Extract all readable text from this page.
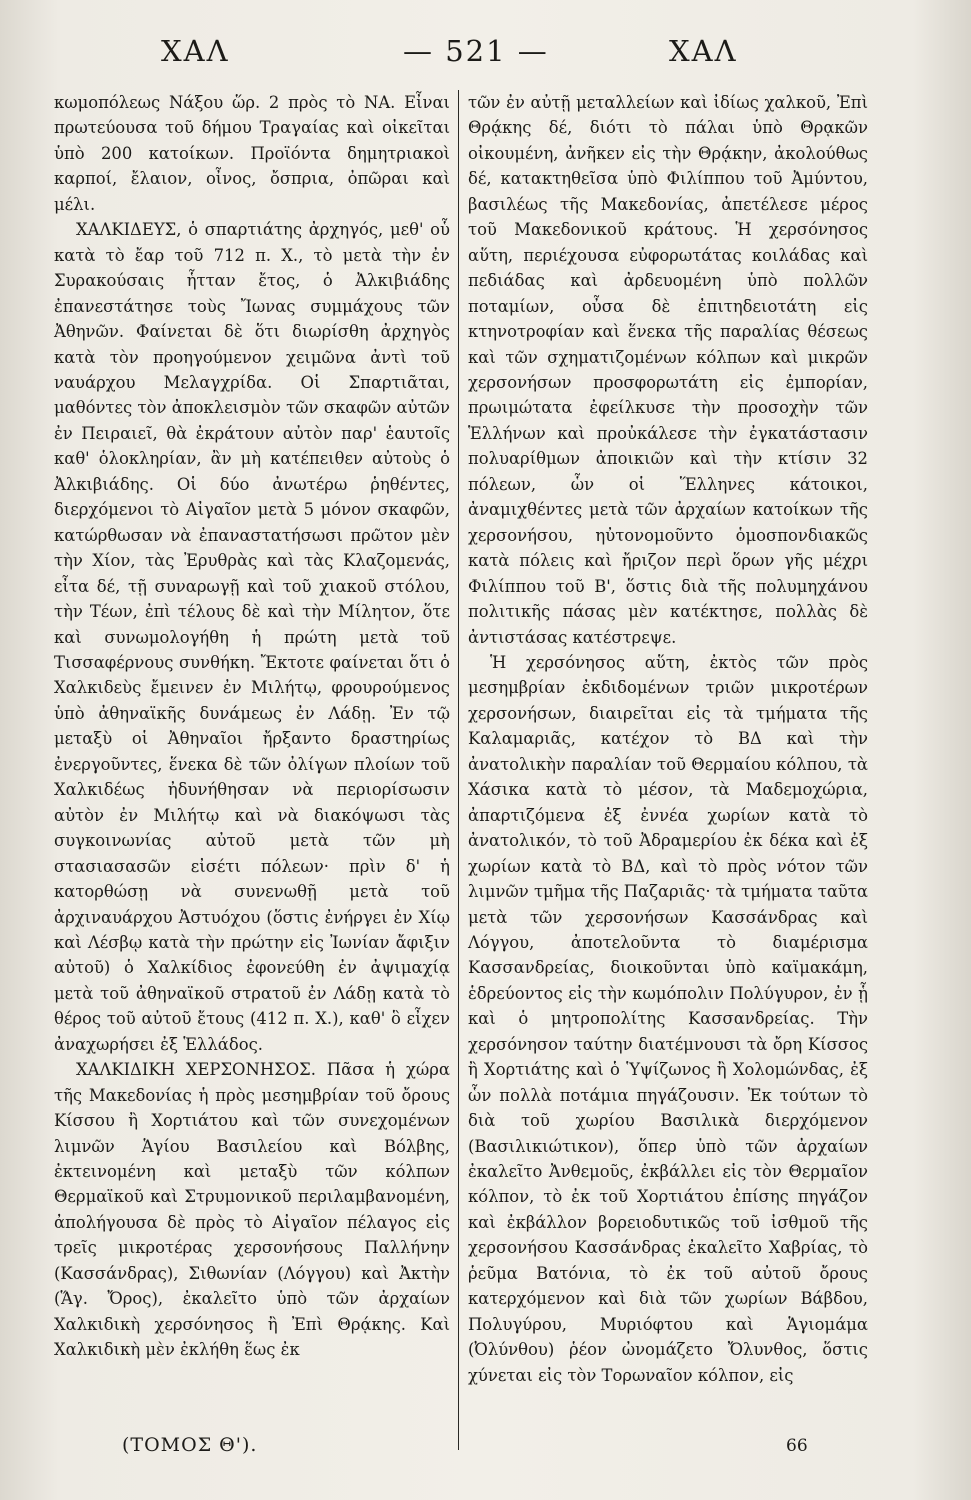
ΧΑΛ	— 521 —	ΧΑΛ

κωμοπόλεως Νάξου ὥρ. 2 πρὸς τὸ ΝΑ. Εἶναι πρωτεύουσα τοῦ δήμου Τραγαίας καὶ οἰκεῖται ὑπὸ 200 κατοίκων. Προϊόντα δημητριακοὶ καρποί, ἔλαιον, οἶνος, ὄσπρια, ὀπῶραι καὶ μέλι.

ΧΑΛΚΙΔΕΥΣ, ὁ σπαρτιάτης ἀρχηγός, μεθ' οὗ κατὰ τὸ ἔαρ τοῦ 712 π. Χ., τὸ μετὰ τὴν ἐν Συρακούσαις ἧτταν ἔτος, ὁ Ἀλκιβιάδης ἐπανεστάτησε τοὺς Ἴωνας συμμάχους τῶν Ἀθηνῶν. Φαίνεται δὲ ὅτι διωρίσθη ἀρχηγὸς κατὰ τὸν προηγούμενον χειμῶνα ἀντὶ τοῦ ναυάρχου Μελαγχρίδα. Οἱ Σπαρτιᾶται, μαθόντες τὸν ἀποκλεισμὸν τῶν σκαφῶν αὐτῶν ἐν Πειραιεῖ, θὰ ἐκράτουν αὐτὸν παρ' ἑαυτοῖς καθ' ὁλοκληρίαν, ἂν μὴ κατέπειθεν αὐτοὺς ὁ Ἀλκιβιάδης. Οἱ δύο ἀνωτέρω ῥηθέντες, διερχόμενοι τὸ Αἰγαῖον μετὰ 5 μόνον σκαφῶν, κατώρθωσαν νὰ ἐπαναστατήσωσι πρῶτον μὲν τὴν Χίον, τὰς Ἐρυθρὰς καὶ τὰς Κλαζομενάς, εἶτα δέ, τῇ συναρωγῇ καὶ τοῦ χιακοῦ στόλου, τὴν Τέων, ἐπὶ τέλους δὲ καὶ τὴν Μίλητον, ὅτε καὶ συνωμολογήθη ἡ πρώτη μετὰ τοῦ Τισσαφέρνους συνθήκη. Ἔκτοτε φαίνεται ὅτι ὁ Χαλκιδεὺς ἔμεινεν ἐν Μιλήτῳ, φρουρούμενος ὑπὸ ἀθηναϊκῆς δυνάμεως ἐν Λάδῃ. Ἐν τῷ μεταξὺ οἱ Ἀθηναῖοι ἤρξαντο δραστηρίως ἐνεργοῦντες, ἕνεκα δὲ τῶν ὀλίγων πλοίων τοῦ Χαλκιδέως ἠδυνήθησαν νὰ περιορίσωσιν αὐτὸν ἐν Μιλήτῳ καὶ νὰ διακόψωσι τὰς συγκοινωνίας αὐτοῦ μετὰ τῶν μὴ στασιασασῶν εἰσέτι πόλεων· πρὶν δ' ἡ κατορθώσῃ νὰ συνενωθῇ μετὰ τοῦ ἀρχιναυάρχου Ἀστυόχου (ὅστις ἐνήργει ἐν Χίῳ καὶ Λέσβῳ κατὰ τὴν πρώτην εἰς Ἰωνίαν ἄφιξιν αὐτοῦ) ὁ Χαλκίδιος ἐφονεύθη ἐν ἀψιμαχίᾳ μετὰ τοῦ ἀθηναϊκοῦ στρατοῦ ἐν Λάδῃ κατὰ τὸ θέρος τοῦ αὐτοῦ ἔτους (412 π. Χ.), καθ' ὃ εἶχεν ἀναχωρήσει ἐξ Ἑλλάδος.

ΧΑΛΚΙΔΙΚΗ ΧΕΡΣΟΝΗΣΟΣ. Πᾶσα ἡ χώρα τῆς Μακεδονίας ἡ πρὸς μεσημβρίαν τοῦ ὄρους Κίσσου ἢ Χορτιάτου καὶ τῶν συνεχομένων λιμνῶν Ἁγίου Βασιλείου καὶ Βόλβης, ἐκτεινομένη καὶ μεταξὺ τῶν κόλπων Θερμαϊκοῦ καὶ Στρυμονικοῦ περιλαμβανομένη, ἀπολήγουσα δὲ πρὸς τὸ Αἰγαῖον πέλαγος εἰς τρεῖς μικροτέρας χερσονήσους Παλλήνην (Κασσάνδρας), Σιθωνίαν (Λόγγου) καὶ Ἀκτὴν (Ἅγ. Ὄρος), ἐκαλεῖτο ὑπὸ τῶν ἀρχαίων Χαλκιδικὴ χερσόνησος ἢ Ἐπὶ Θρᾴκης. Καὶ Χαλκιδικὴ μὲν ἐκλήθη ἕως ἐκ

τῶν ἐν αὐτῇ μεταλλείων καὶ ἰδίως χαλκοῦ, Ἐπὶ Θρᾴκης δέ, διότι τὸ πάλαι ὑπὸ Θρᾳκῶν οἰκουμένη, ἀνῆκεν εἰς τὴν Θρᾴκην, ἀκολούθως δέ, κατακτηθεῖσα ὑπὸ Φιλίππου τοῦ Ἀμύντου, βασιλέως τῆς Μακεδονίας, ἀπετέλεσε μέρος τοῦ Μακεδονικοῦ κράτους. Ἡ χερσόνησος αὕτη, περιέχουσα εὐφορωτάτας κοιλάδας καὶ πεδιάδας καὶ ἀρδευομένη ὑπὸ πολλῶν ποταμίων, οὖσα δὲ ἐπιτηδειοτάτη εἰς κτηνοτροφίαν καὶ ἕνεκα τῆς παραλίας θέσεως καὶ τῶν σχηματιζομένων κόλπων καὶ μικρῶν χερσονήσων προσφορωτάτη εἰς ἐμπορίαν, πρωιμώτατα ἐφείλκυσε τὴν προσοχὴν τῶν Ἑλλήνων καὶ προὐκάλεσε τὴν ἐγκατάστασιν πολυαρίθμων ἀποικιῶν καὶ τὴν κτίσιν 32 πόλεων, ὧν οἱ Ἕλληνες κάτοικοι, ἀναμιχθέντες μετὰ τῶν ἀρχαίων κατοίκων τῆς χερσονήσου, ηὐτονομοῦντο ὁμοσπονδιακῶς κατὰ πόλεις καὶ ἤριζον περὶ ὅρων γῆς μέχρι Φιλίππου τοῦ Β', ὅστις διὰ τῆς πολυμηχάνου πολιτικῆς πάσας μὲν κατέκτησε, πολλὰς δὲ ἀντιστάσας κατέστρεψε.

Ἡ χερσόνησος αὕτη, ἐκτὸς τῶν πρὸς μεσημβρίαν ἐκδιδομένων τριῶν μικροτέρων χερσονήσων, διαιρεῖται εἰς τὰ τμήματα τῆς Καλαμαριᾶς, κατέχον τὸ ΒΔ καὶ τὴν ἀνατολικὴν παραλίαν τοῦ Θερμαίου κόλπου, τὰ Χάσικα κατὰ τὸ μέσον, τὰ Μαδεμοχώρια, ἀπαρτιζόμενα ἐξ ἐννέα χωρίων κατὰ τὸ ἀνατολικόν, τὸ τοῦ Ἀδραμερίου ἐκ δέκα καὶ ἐξ χωρίων κατὰ τὸ ΒΔ, καὶ τὸ πρὸς νότον τῶν λιμνῶν τμῆμα τῆς Παζαριᾶς· τὰ τμήματα ταῦτα μετὰ τῶν χερσονήσων Κασσάνδρας καὶ Λόγγου, ἀποτελοῦντα τὸ διαμέρισμα Κασσανδρείας, διοικοῦνται ὑπὸ καϊμακάμη, ἑδρεύοντος εἰς τὴν κωμόπολιν Πολύγυρον, ἐν ᾗ καὶ ὁ μητροπολίτης Κασσανδρείας. Τὴν χερσόνησον ταύτην διατέμνουσι τὰ ὄρη Κίσσος ἢ Χορτιάτης καὶ ὁ Ὑψίζωνος ἢ Χολομώνδας, ἐξ ὧν πολλὰ ποτάμια πηγάζουσιν. Ἐκ τούτων τὸ διὰ τοῦ χωρίου Βασιλικὰ διερχόμενον (Βασιλικιώτικον), ὅπερ ὑπὸ τῶν ἀρχαίων ἐκαλεῖτο Ἀνθεμοῦς, ἐκβάλλει εἰς τὸν Θερμαῖον κόλπον, τὸ ἐκ τοῦ Χορτιάτου ἐπίσης πηγάζον καὶ ἐκβάλλον βορειοδυτικῶς τοῦ ἰσθμοῦ τῆς χερσονήσου Κασσάνδρας ἐκαλεῖτο Χαβρίας, τὸ ῥεῦμα Βατόνια, τὸ ἐκ τοῦ αὐτοῦ ὄρους κατερχόμενον καὶ διὰ τῶν χωρίων Βάβδου, Πολυγύρου, Μυριόφτου καὶ Ἁγιομάμα (Ὀλύνθου) ῥέον ὠνομάζετο Ὄλυνθος, ὅστις χύνεται εἰς τὸν Τορωναῖον κόλπον, εἰς

(ΤΟΜΟΣ Θ').	66
